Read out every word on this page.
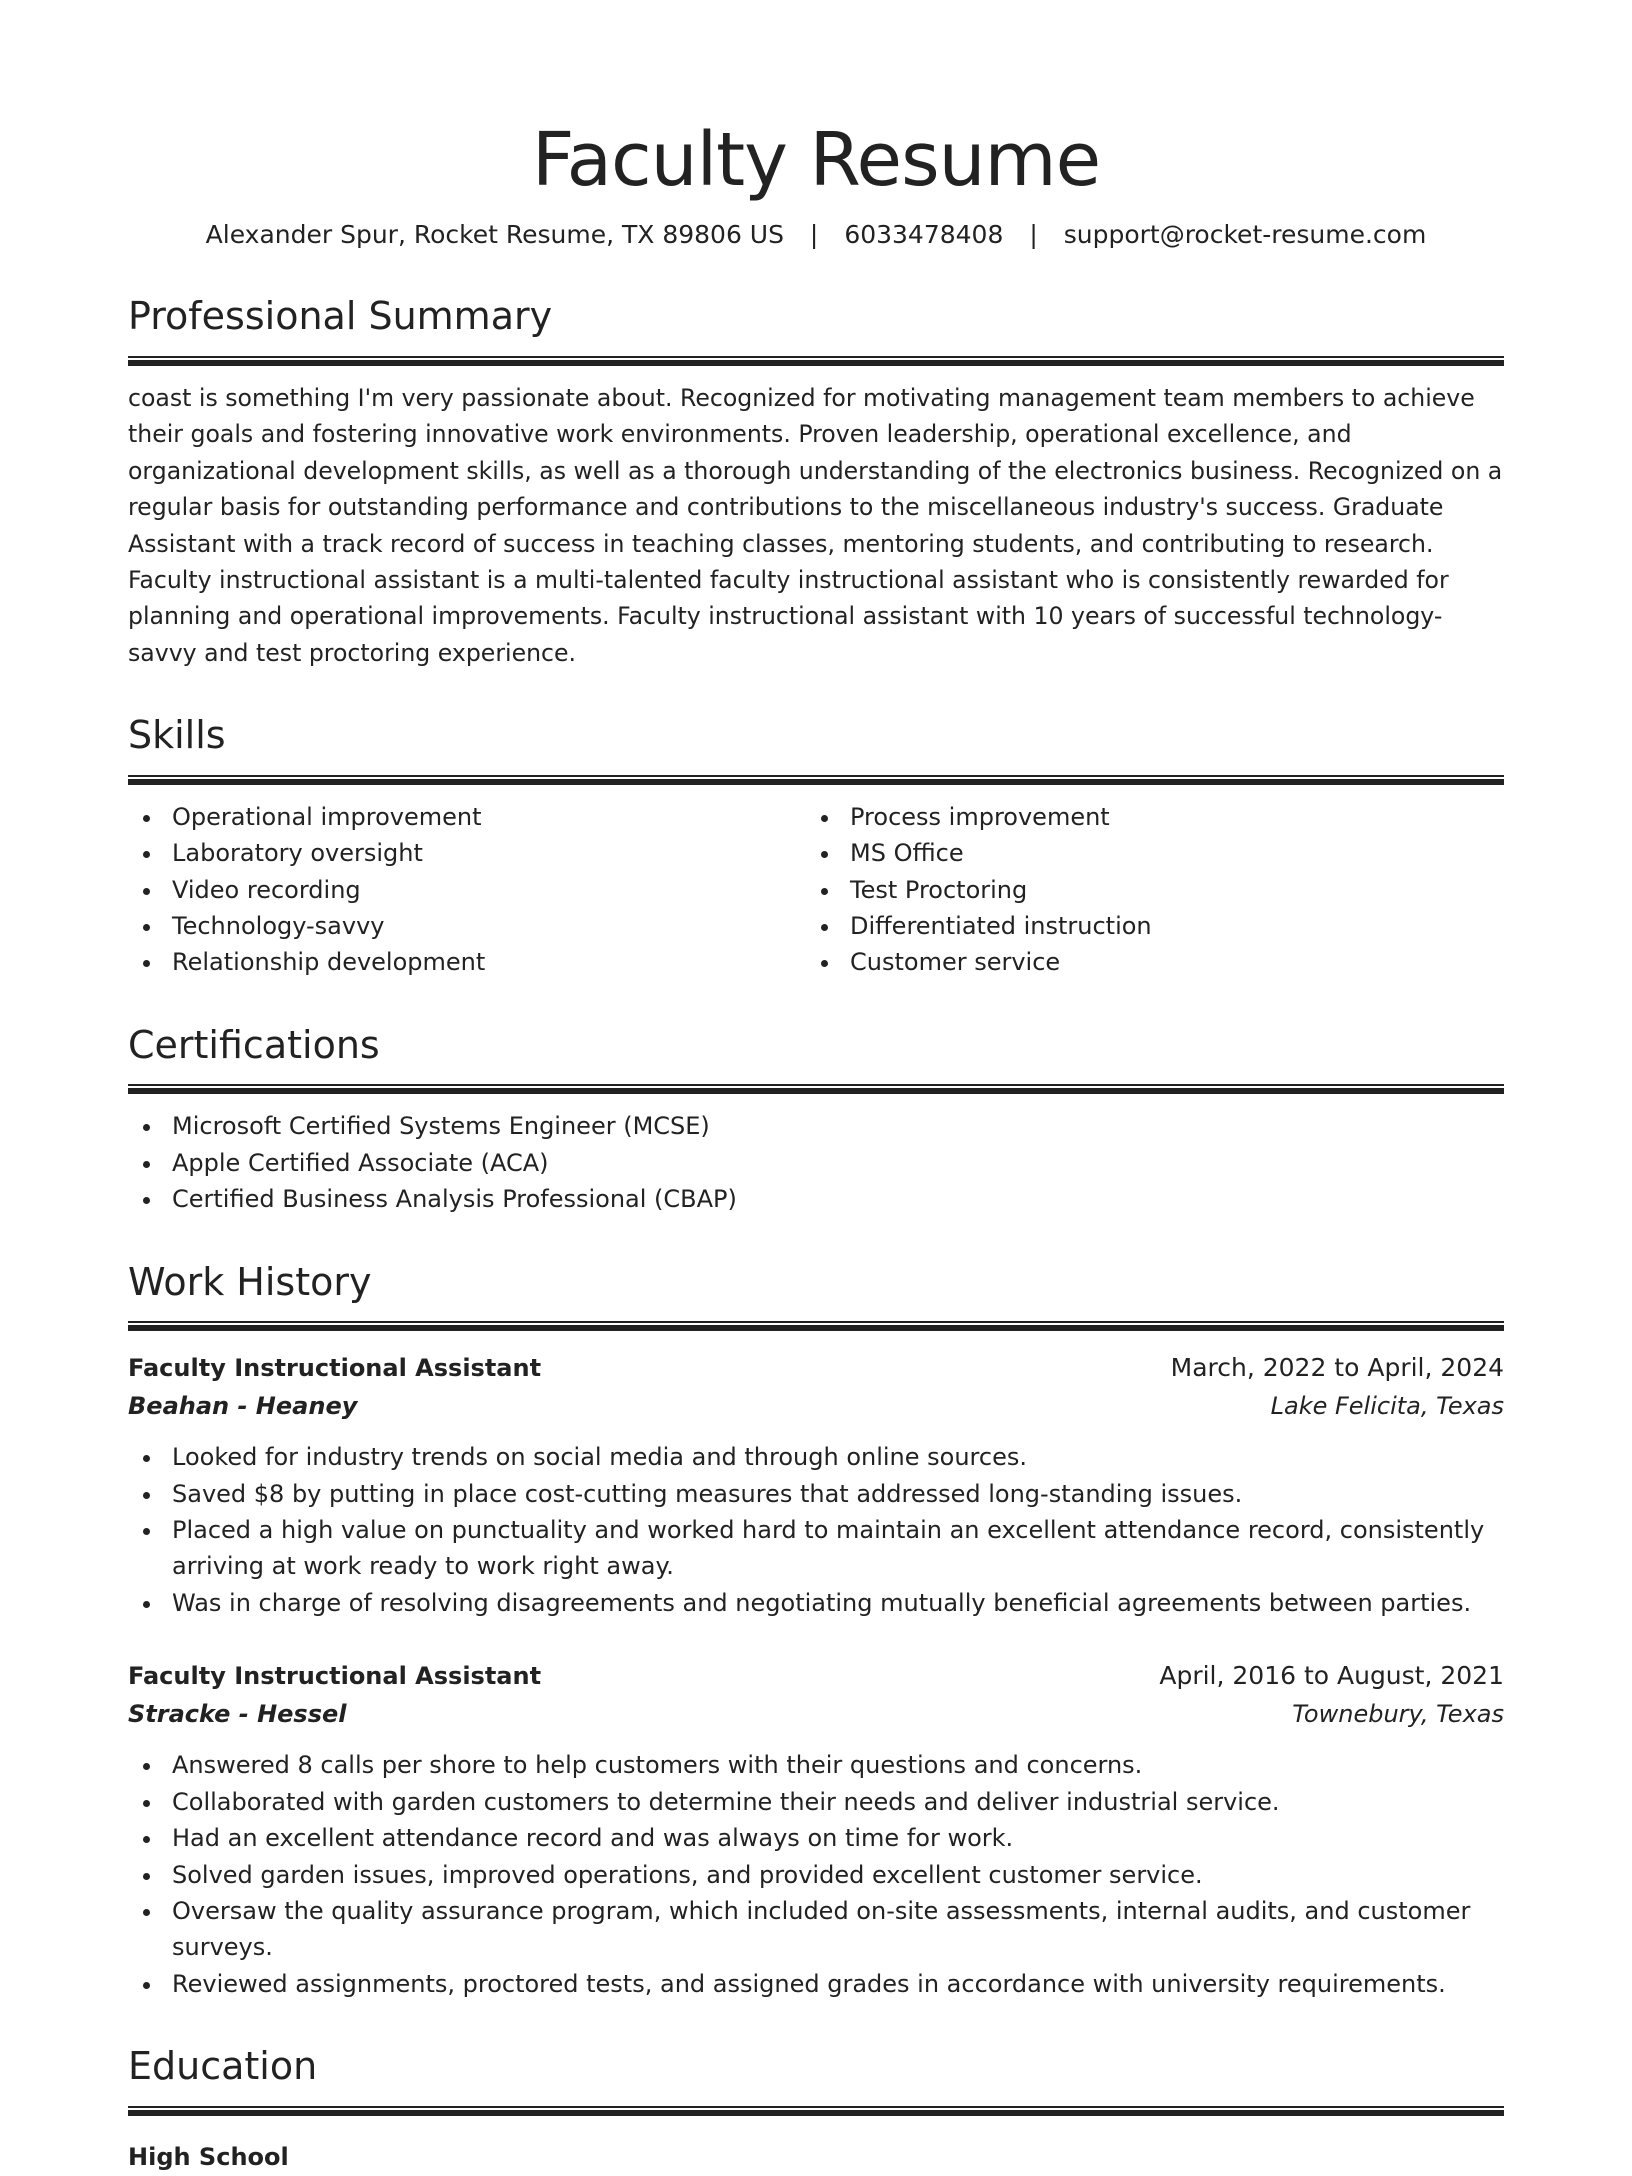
Faculty Resume
Alexander Spur, Rocket Resume, TX 89806 US | 6033478408 | support@rocket-resume.com
Professional Summary

coast is something I'm very passionate about. Recognized for motivating management team members to achieve their goals and fostering innovative work environments. Proven leadership, operational excellence, and organizational development skills, as well as a thorough understanding of the electronics business. Recognized on a regular basis for outstanding performance and contributions to the miscellaneous industry's success. Graduate Assistant with a track record of success in teaching classes, mentoring students, and contributing to research. Faculty instructional assistant is a multi-talented faculty instructional assistant who is consistently rewarded for planning and operational improvements. Faculty instructional assistant with 10 years of successful technology-savvy and test proctoring experience.

Skills
Operational improvement
Laboratory oversight
Video recording
Technology-savvy
Relationship development
Process improvement
MS Office
Test Proctoring
Differentiated instruction
Customer service
Certifications
Microsoft Certified Systems Engineer (MCSE)
Apple Certified Associate (ACA)
Certified Business Analysis Professional (CBAP)
Work History
Faculty Instructional Assistant	March, 2022 to April, 2024
Beahan - Heaney	Lake Felicita, Texas
Looked for industry trends on social media and through online sources.
Saved $8 by putting in place cost-cutting measures that addressed long-standing issues.
Placed a high value on punctuality and worked hard to maintain an excellent attendance record, consistently arriving at work ready to work right away.
Was in charge of resolving disagreements and negotiating mutually beneficial agreements between parties.
Faculty Instructional Assistant	April, 2016 to August, 2021
Stracke - Hessel	Townebury, Texas
Answered 8 calls per shore to help customers with their questions and concerns.
Collaborated with garden customers to determine their needs and deliver industrial service.
Had an excellent attendance record and was always on time for work.
Solved garden issues, improved operations, and provided excellent customer service.
Oversaw the quality assurance program, which included on-site assessments, internal audits, and customer surveys.
Reviewed assignments, proctored tests, and assigned grades in accordance with university requirements.
Education
High School
